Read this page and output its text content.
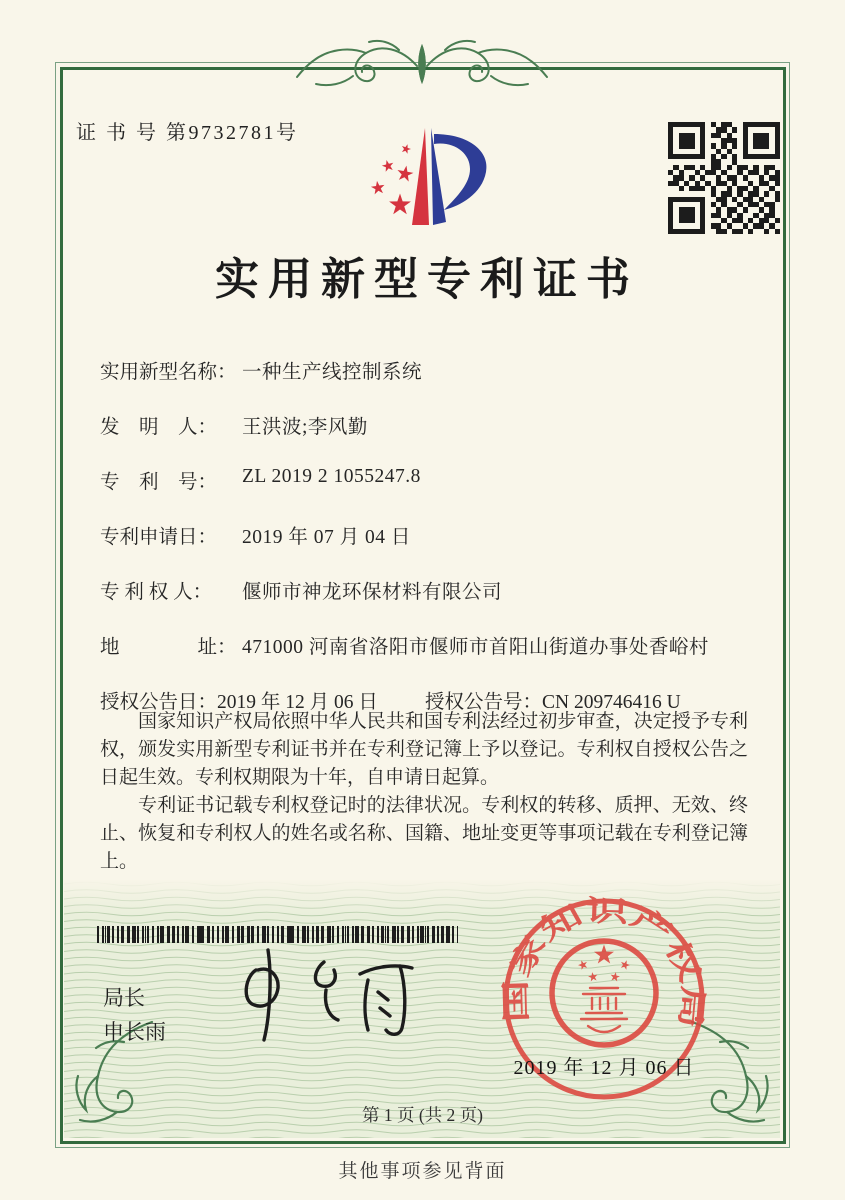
证 书 号 第9732781号
实用新型专利证书
实用新型名称： 一种生产线控制系统
发　明　人： 王洪波;李风勤
专　利　号： ZL 2019 2 1055247.8
专利申请日： 2019 年 07 月 04 日
专 利 权 人： 偃师市神龙环保材料有限公司
地　　　　址： 471000 河南省洛阳市偃师市首阳山街道办事处香峪村
授权公告日：2019 年 12 月 06 日 授权公告号：CN 209746416 U

国家知识产权局依照中华人民共和国专利法经过初步审查，决定授予专利权，颁发实用新型专利证书并在专利登记簿上予以登记。专利权自授权公告之日起生效。专利权期限为十年，自申请日起算。

专利证书记载专利权登记时的法律状况。专利权的转移、质押、无效、终止、恢复和专利权人的姓名或名称、国籍、地址变更等事项记载在专利登记簿上。

局长
申长雨
国家知识产权局
2019 年 12 月 06 日
第 1 页 (共 2 页)
其他事项参见背面
